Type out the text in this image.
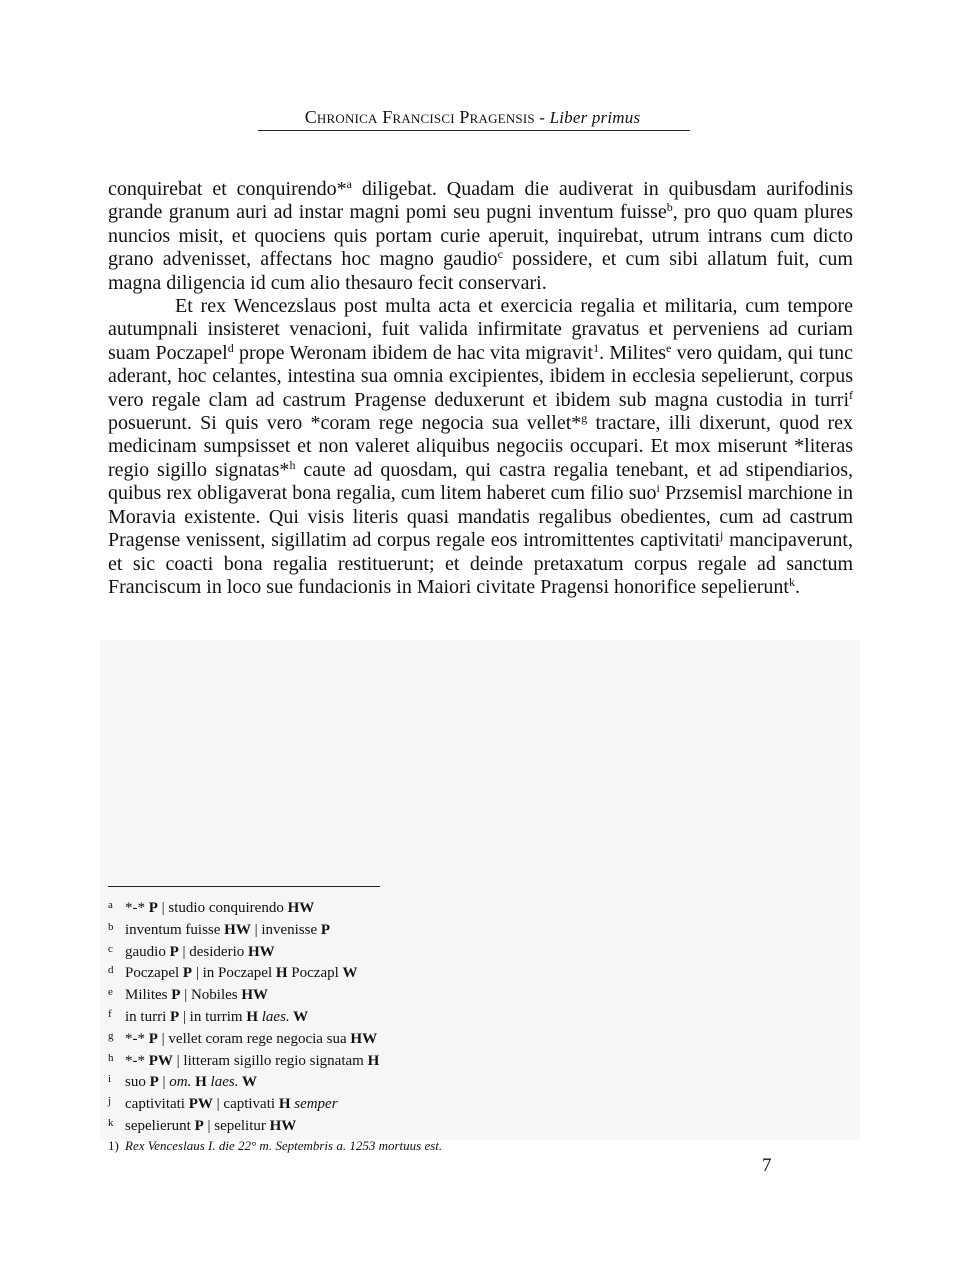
Chronica Francisci Pragensis - Liber primus

conquirebat et conquirendo*$^a$ diligebat. Quadam die audiverat in quibusdam aurifodinis grande granum auri ad instar magni pomi seu pugni inventum fuisse$^b$, pro quo quam plures nuncios misit, et quociens quis portam curie aperuit, inquirebat, utrum intrans cum dicto grano advenisset, affectans hoc magno gaudio$^c$ possidere, et cum sibi allatum fuit, cum magna diligencia id cum alio thesauro fecit conservari.

Et rex Wencezslaus post multa acta et exercicia regalia et militaria, cum tempore autumpnali insisteret venacioni, fuit valida infirmitate gravatus et perveniens ad curiam suam Poczapel$^d$ prope Weronam ibidem de hac vita migravit$^1$. Milites$^e$ vero quidam, qui tunc aderant, hoc celantes, intestina sua omnia excipientes, ibidem in ecclesia sepelierunt, corpus vero regale clam ad castrum Pragense deduxerunt et ibidem sub magna custodia in turri$^f$ posuerunt. Si quis vero *coram rege negocia sua vellet*$^g$ tractare, illi dixerunt, quod rex medicinam sumpsisset et non valeret aliquibus negociis occupari. Et mox miserunt *literas regio sigillo signatas*$^h$ caute ad quosdam, qui castra regalia tenebant, et ad stipendiarios, quibus rex obligaverat bona regalia, cum litem haberet cum filio suo$^i$ Przsemisl marchione in Moravia existente. Qui visis literis quasi mandatis regalibus obedientes, cum ad castrum Pragense venissent, sigillatim ad corpus regale eos intromittentes captivitati$^j$ mancipaverunt, et sic coacti bona regalia restituerunt; et deinde pretaxatum corpus regale ad sanctum Franciscum in loco sue fundacionis in Maiori civitate Pragensi honorifice sepelierunt$^k$.

a *-* P | studio conquirendo HW
b inventum fuisse HW | invenisse P
c gaudio P | desiderio HW
d Poczapel P | in Poczapel H Poczapl W
e Milites P | Nobiles HW
f in turri P | in turrim H laes. W
g *-* P | vellet coram rege negocia sua HW
h *-* PW | litteram sigillo regio signatam H
i suo P | om. H laes. W
j captivitati PW | captivati H semper
k sepelierunt P | sepelitur HW
1) Rex Venceslaus I. die 22° m. Septembris a. 1253 mortuus est.
7
